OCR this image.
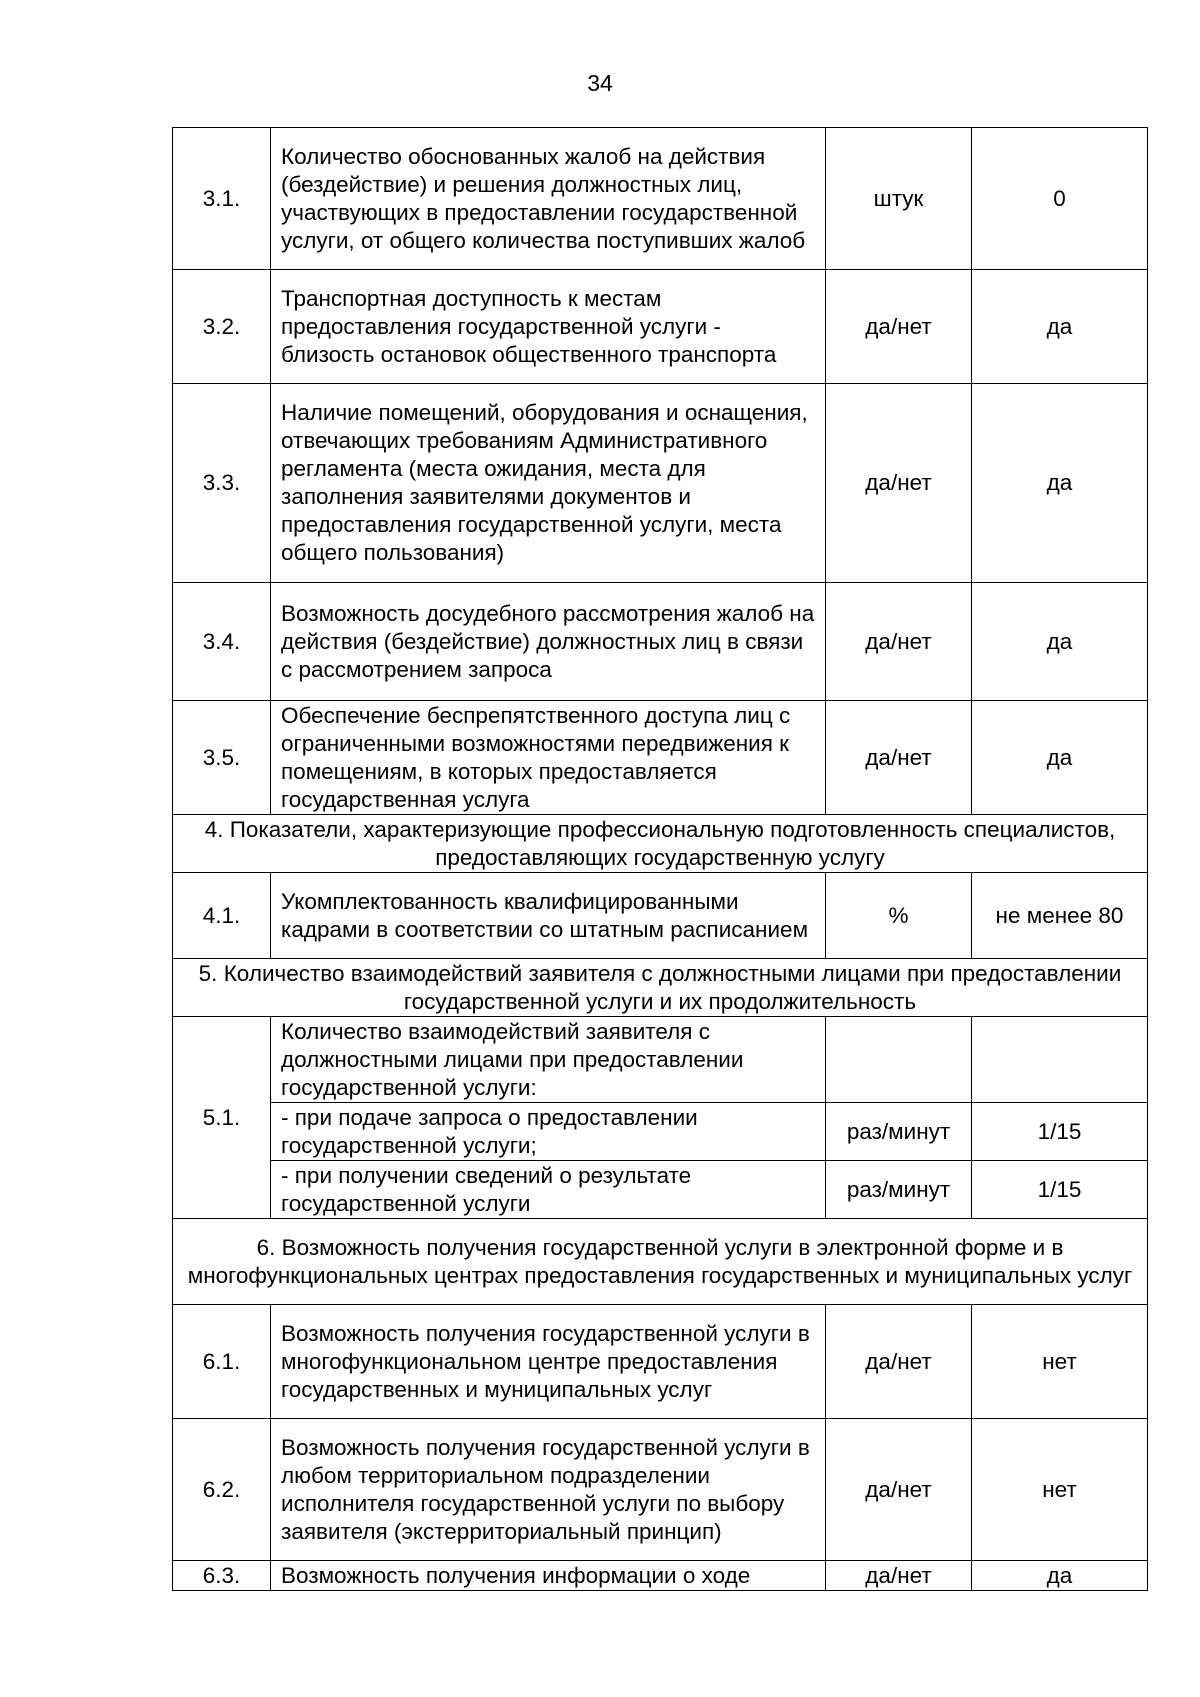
34
3.1.	Количество обоснованных жалоб на действия (бездействие) и решения должностных лиц, участвующих в предоставлении государственной услуги, от общего количества поступивших жалоб	штук	0
3.2.	Транспортная доступность к местам предоставления государственной услуги - близость остановок общественного транспорта	да/нет	да
3.3.	Наличие помещений, оборудования и оснащения, отвечающих требованиям Административного регламента (места ожидания, места для заполнения заявителями документов и предоставления государственной услуги, места общего пользования)	да/нет	да
3.4.	Возможность досудебного рассмотрения жалоб на действия (бездействие) должностных лиц в связи с рассмотрением запроса	да/нет	да
3.5.	Обеспечение беспрепятственного доступа лиц с ограниченными возможностями передвижения к помещениям, в которых предоставляется государственная услуга	да/нет	да
4. Показатели, характеризующие профессиональную подготовленность специалистов, предоставляющих государственную услугу			
4.1.	Укомплектованность квалифицированными кадрами в соответствии со штатным расписанием	%	не менее 80
5. Количество взаимодействий заявителя с должностными лицами при предоставлении государственной услуги и их продолжительность			
5.1.	Количество взаимодействий заявителя с должностными лицами при предоставлении государственной услуги:		
	- при подаче запроса о предоставлении государственной услуги;	раз/минут	1/15
	- при получении сведений о результате государственной услуги	раз/минут	1/15
6. Возможность получения государственной услуги в электронной форме и в многофункциональных центрах предоставления государственных и муниципальных услуг			
6.1.	Возможность получения государственной услуги в многофункциональном центре предоставления государственных и муниципальных услуг	да/нет	нет
6.2.	Возможность получения государственной услуги в любом территориальном подразделении исполнителя государственной услуги по выбору заявителя (экстерриториальный принцип)	да/нет	нет
6.3.	Возможность получения информации о ходе	да/нет	да
